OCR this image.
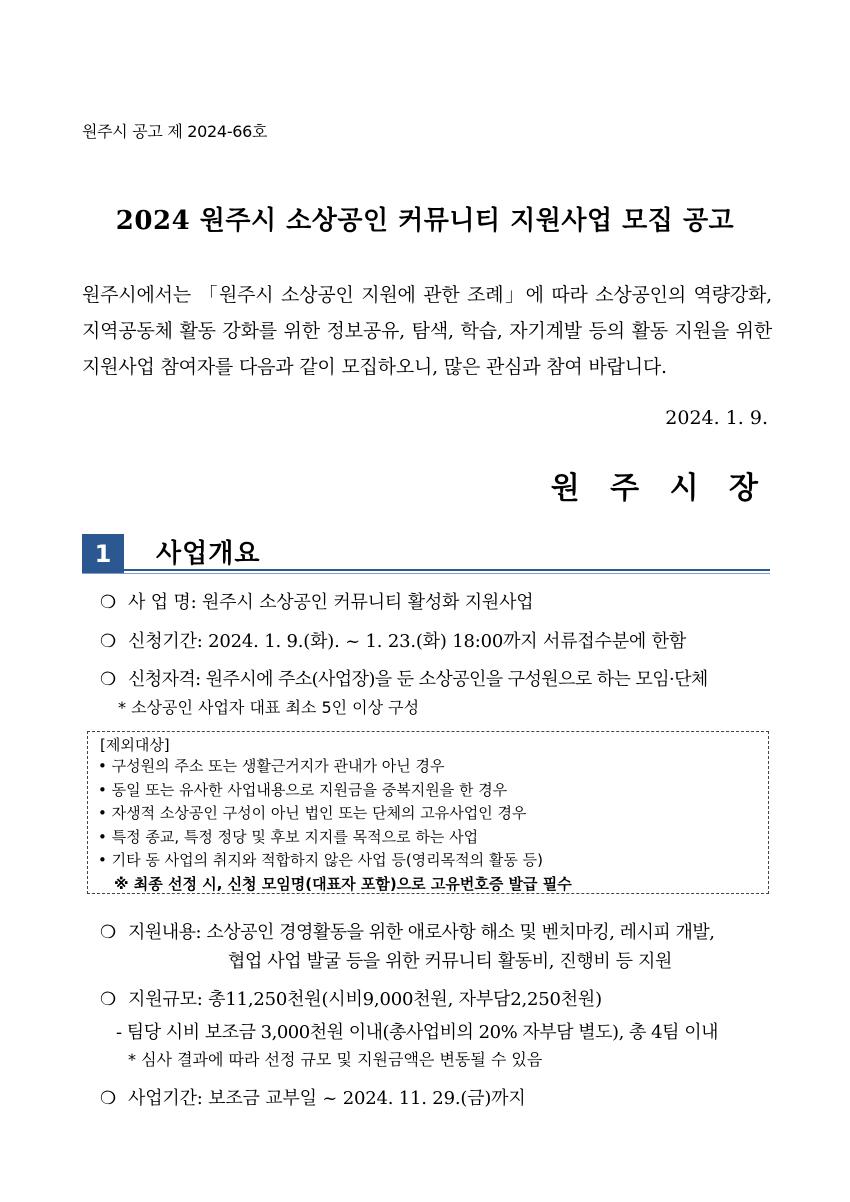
원주시 공고 제 2024-66호
2024 원주시 소상공인 커뮤니티 지원사업 모집 공고
원주시에서는 「원주시 소상공인 지원에 관한 조례」에 따라 소상공인의 역량강화, 지역공동체 활동 강화를 위한 정보공유, 탐색, 학습, 자기계발 등의 활동 지원을 위한 지원사업 참여자를 다음과 같이 모집하오니, 많은 관심과 참여 바랍니다.
2024. 1. 9.
원 주 시 장
1	사업개요
❍ 사 업 명: 원주시 소상공인 커뮤니티 활성화 지원사업
❍ 신청기간: 2024. 1. 9.(화). ~ 1. 23.(화) 18:00까지 서류접수분에 한함
❍ 신청자격: 원주시에 주소(사업장)을 둔 소상공인을 구성원으로 하는 모임·단체
* 소상공인 사업자 대표 최소 5인 이상 구성
[제외대상]
• 구성원의 주소 또는 생활근거지가 관내가 아닌 경우
• 동일 또는 유사한 사업내용으로 지원금을 중복지원을 한 경우
• 자생적 소상공인 구성이 아닌 법인 또는 단체의 고유사업인 경우
• 특정 종교, 특정 정당 및 후보 지지를 목적으로 하는 사업
• 기타 동 사업의 취지와 적합하지 않은 사업 등(영리목적의 활동 등)
※ 최종 선정 시, 신청 모임명(대표자 포함)으로 고유번호증 발급 필수
❍ 지원내용: 소상공인 경영활동을 위한 애로사항 해소 및 벤치마킹, 레시피 개발,
협업 사업 발굴 등을 위한 커뮤니티 활동비, 진행비 등 지원
❍ 지원규모: 총11,250천원(시비9,000천원, 자부담2,250천원)
- 팀당 시비 보조금 3,000천원 이내(총사업비의 20% 자부담 별도), 총 4팀 이내
* 심사 결과에 따라 선정 규모 및 지원금액은 변동될 수 있음
❍ 사업기간: 보조금 교부일 ~ 2024. 11. 29.(금)까지
